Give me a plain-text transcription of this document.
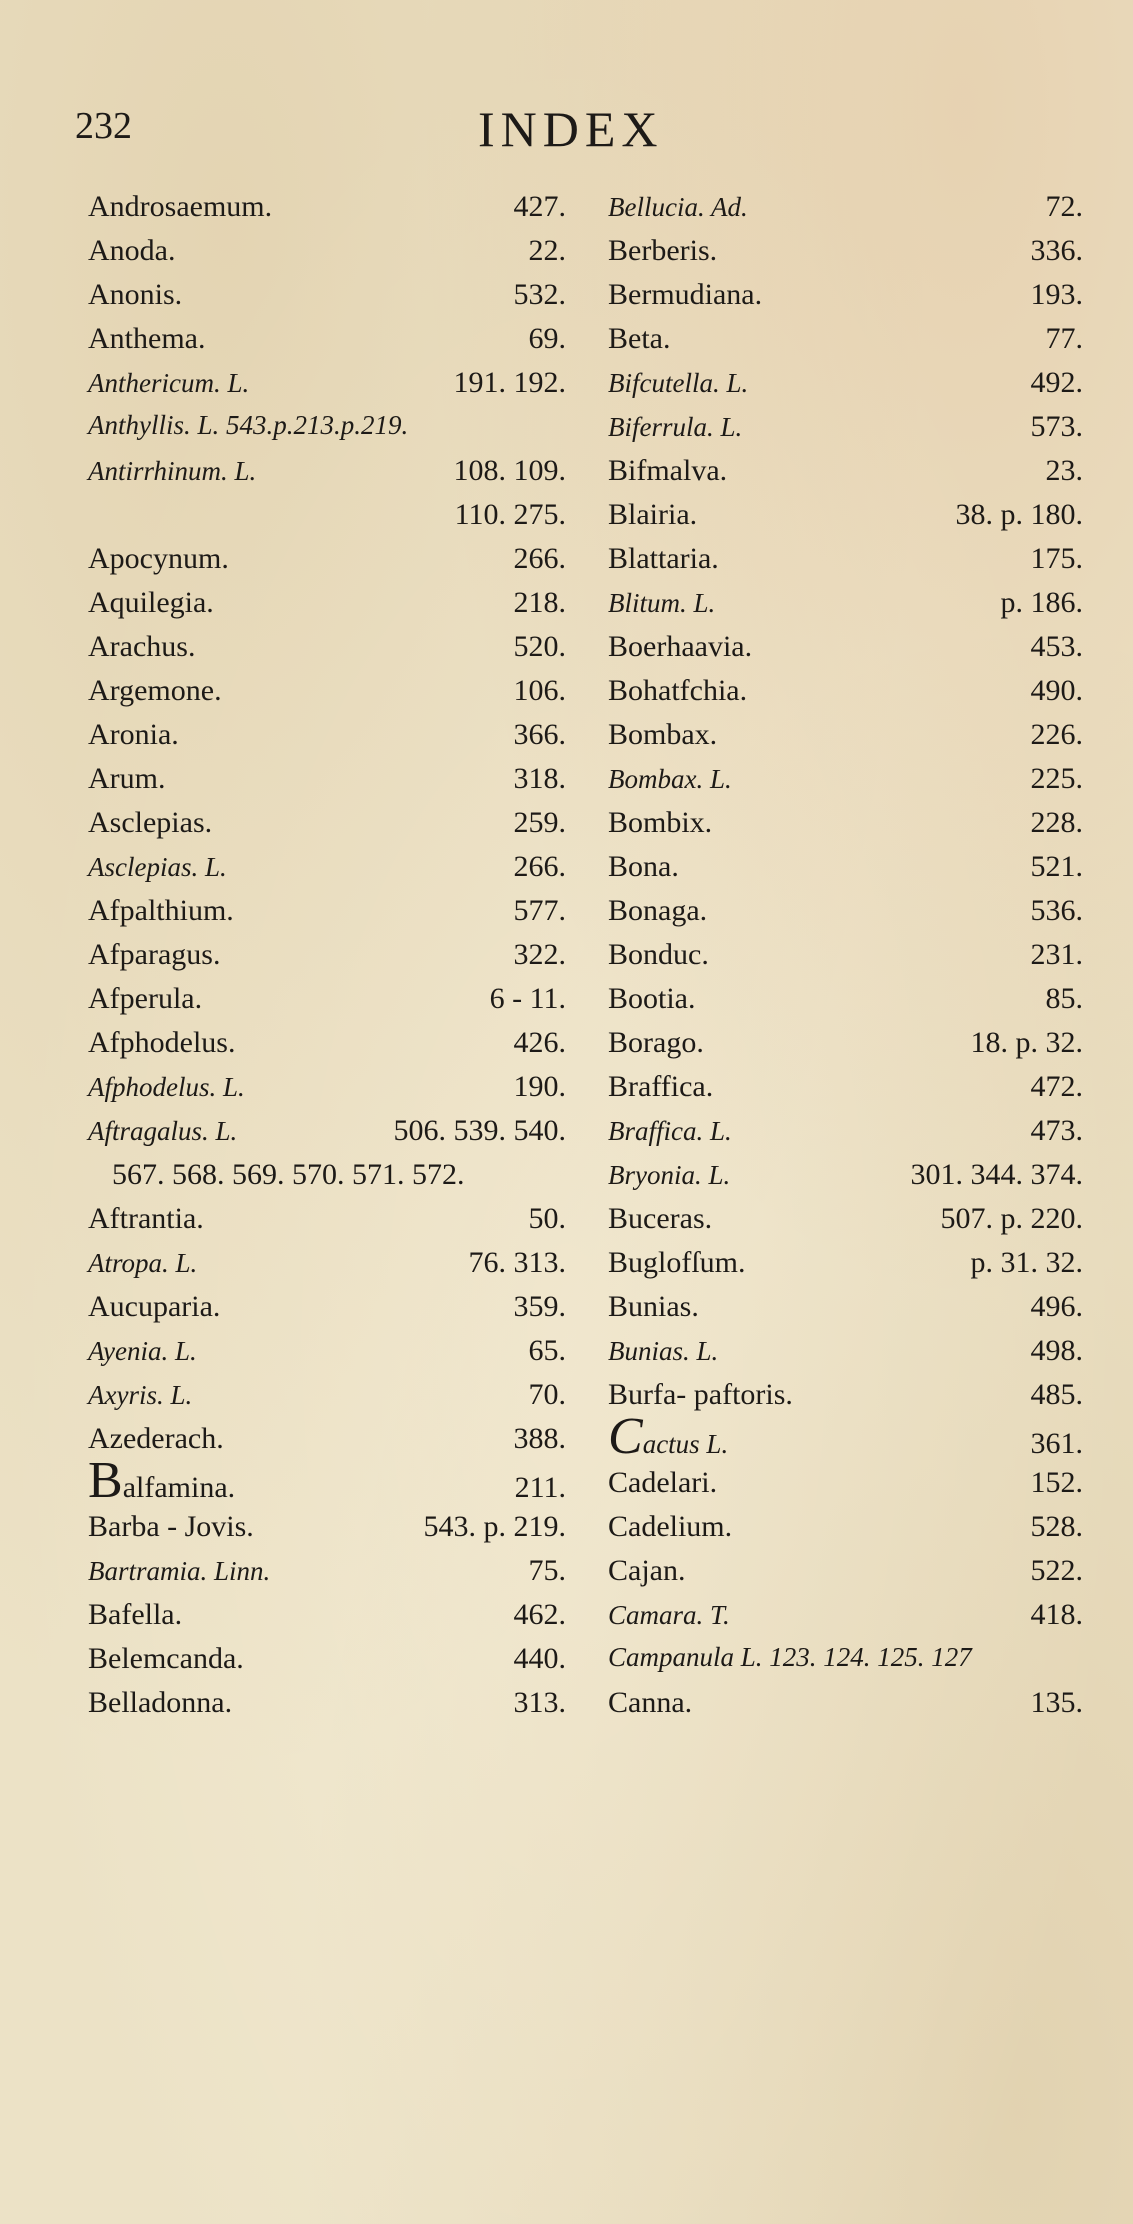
232	INDEX
Androsaemum.	427.
Anoda.	22.
Anonis.	532.
Anthema.	69.
Anthericum. L.	191. 192.
Anthyllis. L. 543.p.213.p.219.
Antirrhinum. L.	108. 109.
110. 275.
Apocynum.	266.
Aquilegia.	218.
Arachus.	520.
Argemone.	106.
Aronia.	366.
Arum.	318.
Asclepias.	259.
Asclepias. L.	266.
Afpalthium.	577.
Afparagus.	322.
Afperula.	6 - 11.
Afphodelus.	426.
Afphodelus. L.	190.
Aftragalus. L.	506. 539. 540.
567. 568. 569. 570. 571. 572.
Aftrantia.	50.
Atropa. L.	76. 313.
Aucuparia.	359.
Ayenia. L.	65.
Axyris. L.	70.
Azederach.	388.
Balfamina.	211.
Barba - Jovis.	543. p. 219.
Bartramia. Linn.	75.
Bafella.	462.
Belemcanda.	440.
Belladonna.	313.
Bellucia. Ad.	72.
Berberis.	336.
Bermudiana.	193.
Beta.	77.
Bifcutella. L.	492.
Biferrula. L.	573.
Bifmalva.	23.
Blairia.	38. p. 180.
Blattaria.	175.
Blitum. L.	p. 186.
Boerhaavia.	453.
Bohatfchia.	490.
Bombax.	226.
Bombax. L.	225.
Bombix.	228.
Bona.	521.
Bonaga.	536.
Bonduc.	231.
Bootia.	85.
Borago.	18. p. 32.
Braffica.	472.
Braffica. L.	473.
Bryonia. L.	301. 344. 374.
Buceras.	507. p. 220.
Buglofſum.	p. 31. 32.
Bunias.	496.
Bunias. L.	498.
Burfa- paftoris.	485.
Cactus L.	361.
Cadelari.	152.
Cadelium.	528.
Cajan.	522.
Camara. T.	418.
Campanula L. 123. 124. 125. 127
Canna.	135.
